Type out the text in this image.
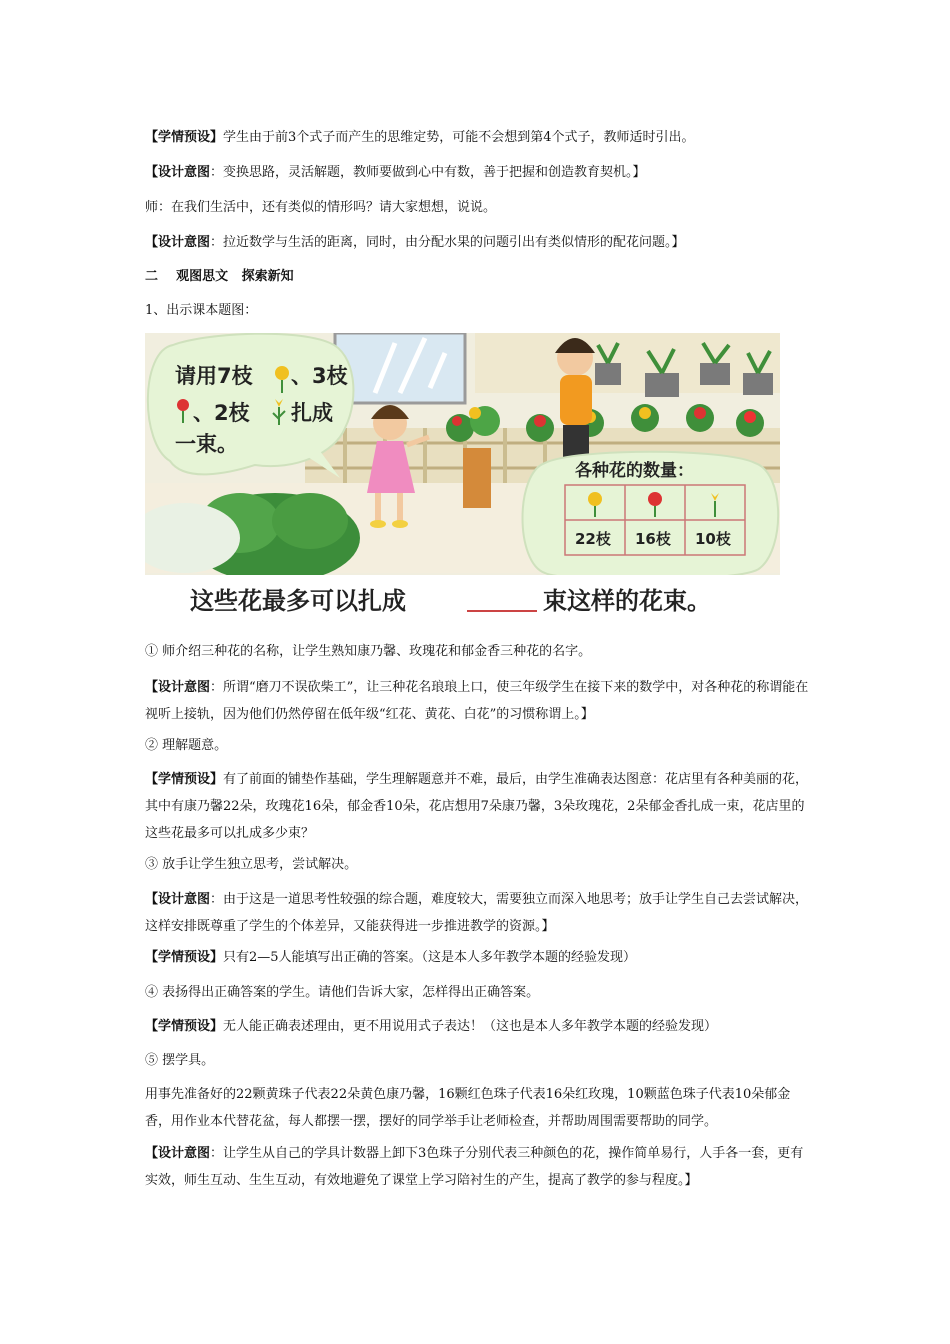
【学情预设】学生由于前3个式子而产生的思维定势，可能不会想到第4个式子，教师适时引出。

【设计意图：变换思路，灵活解题，教师要做到心中有数，善于把握和创造教育契机。】

师：在我们生活中，还有类似的情形吗？请大家想想，说说。

【设计意图：拉近数学与生活的距离，同时，由分配水果的问题引出有类似情形的配花问题。】

二    观图思文   探索新知

1、出示课本题图：

请用7枝 、3枝
、2枝 扎成
一束。
各种花的数量：
22枝 16枝 10枝
这些花最多可以扎成	束这样的花束。

① 师介绍三种花的名称，让学生熟知康乃馨、玫瑰花和郁金香三种花的名字。

【设计意图：所谓“磨刀不误砍柴工”，让三种花名琅琅上口，使三年级学生在接下来的数学中，对各种花的称谓能在视听上接轨，因为他们仍然停留在低年级“红花、黄花、白花”的习惯称谓上。】

② 理解题意。

【学情预设】有了前面的铺垫作基础，学生理解题意并不难，最后，由学生准确表达图意：花店里有各种美丽的花，其中有康乃馨22朵，玫瑰花16朵，郁金香10朵，花店想用7朵康乃馨，3朵玫瑰花，2朵郁金香扎成一束，花店里的这些花最多可以扎成多少束？

③ 放手让学生独立思考，尝试解决。

【设计意图：由于这是一道思考性较强的综合题，难度较大，需要独立而深入地思考；放手让学生自己去尝试解决，这样安排既尊重了学生的个体差异，又能获得进一步推进教学的资源。】

【学情预设】只有2—5人能填写出正确的答案。（这是本人多年教学本题的经验发现）

④ 表扬得出正确答案的学生。请他们告诉大家，怎样得出正确答案。

【学情预设】无人能正确表述理由，更不用说用式子表达！（这也是本人多年教学本题的经验发现）

⑤ 摆学具。

用事先准备好的22颗黄珠子代表22朵黄色康乃馨，16颗红色珠子代表16朵红玫瑰，10颗蓝色珠子代表10朵郁金香，用作业本代替花盆，每人都摆一摆，摆好的同学举手让老师检查，并帮助周围需要帮助的同学。

【设计意图：让学生从自己的学具计数器上卸下3色珠子分别代表三种颜色的花，操作简单易行，人手各一套，更有实效，师生互动、生生互动，有效地避免了课堂上学习陪衬生的产生，提高了教学的参与程度。】
